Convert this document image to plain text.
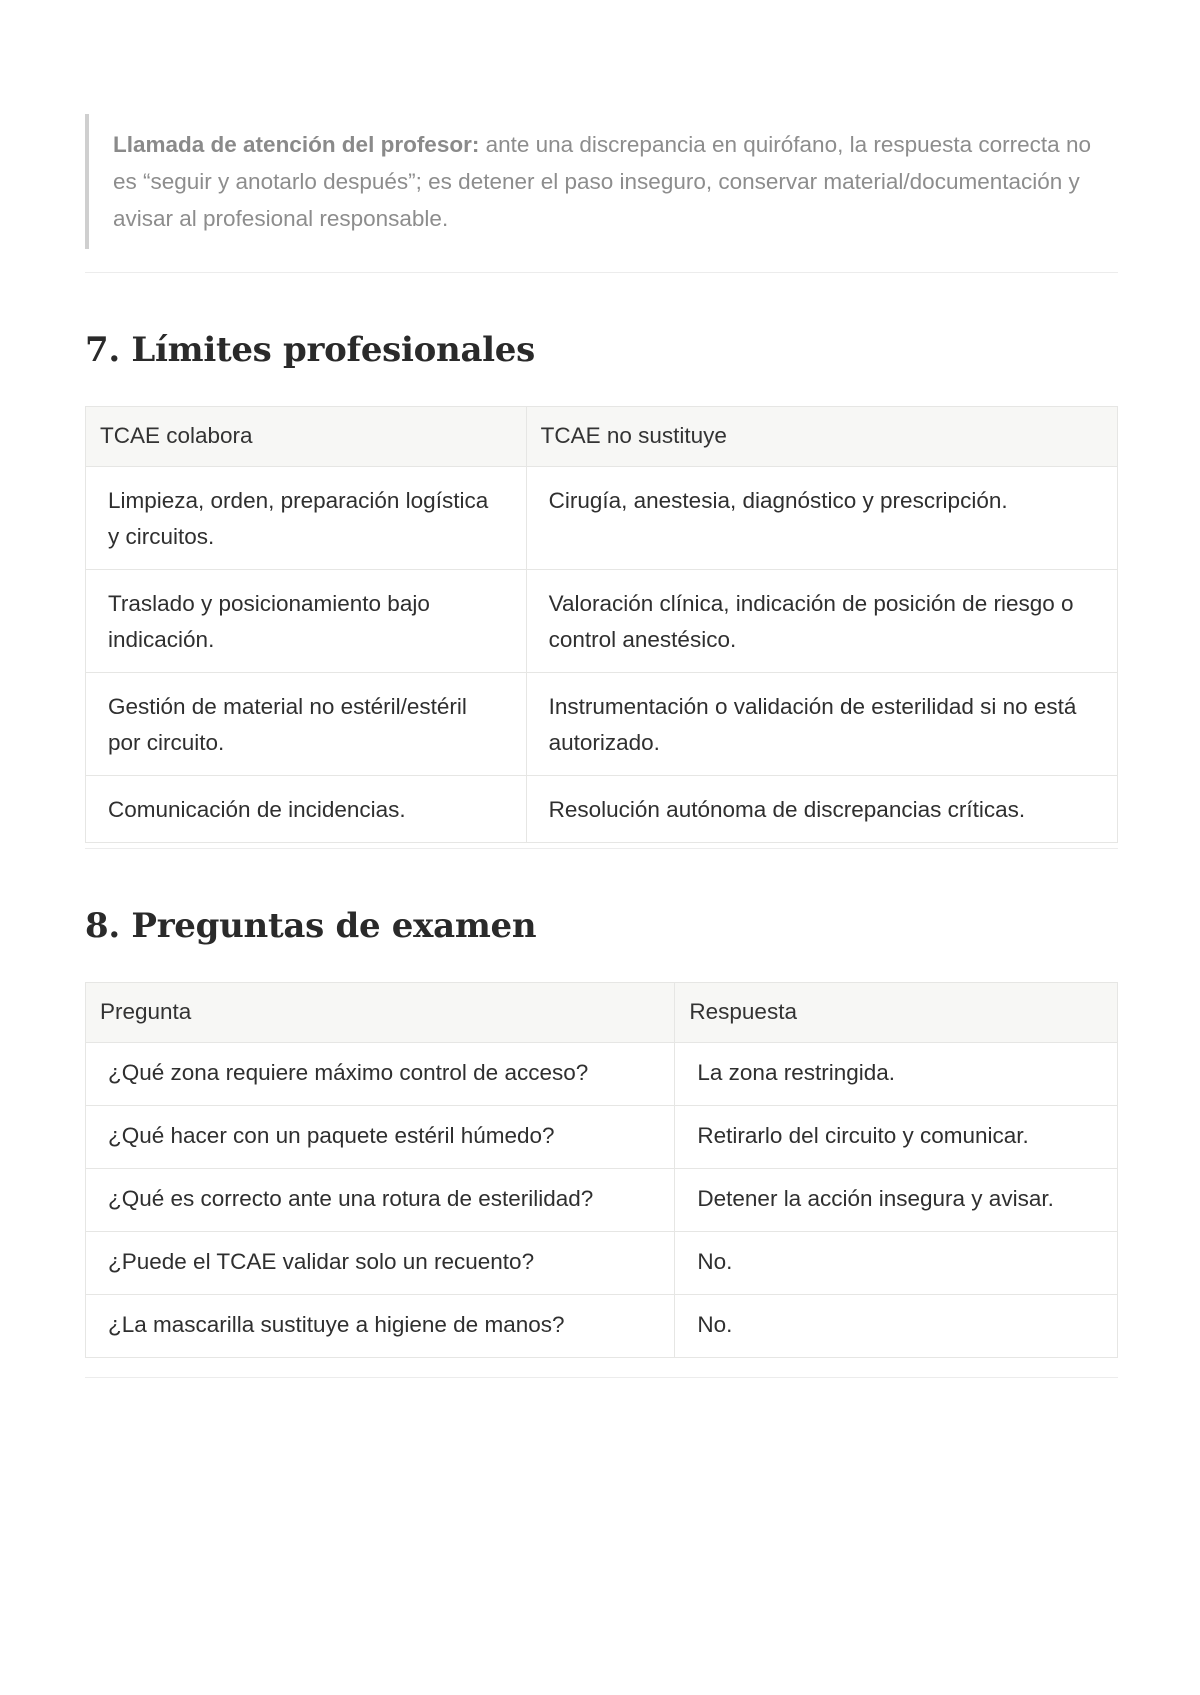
Llamada de atención del profesor: ante una discrepancia en quirófano, la respuesta correcta no es “seguir y anotarlo después”; es detener el paso inseguro, conservar material/documentación y avisar al profesional responsable.
7. Límites profesionales
TCAE colabora	TCAE no sustituye
Limpieza, orden, preparación logística y circuitos.	Cirugía, anestesia, diagnóstico y prescripción.
Traslado y posicionamiento bajo indicación.	Valoración clínica, indicación de posición de riesgo o control anestésico.
Gestión de material no estéril/estéril por circuito.	Instrumentación o validación de esterilidad si no está autorizado.
Comunicación de incidencias.	Resolución autónoma de discrepancias críticas.
8. Preguntas de examen
Pregunta	Respuesta
¿Qué zona requiere máximo control de acceso?	La zona restringida.
¿Qué hacer con un paquete estéril húmedo?	Retirarlo del circuito y comunicar.
¿Qué es correcto ante una rotura de esterilidad?	Detener la acción insegura y avisar.
¿Puede el TCAE validar solo un recuento?	No.
¿La mascarilla sustituye a higiene de manos?	No.
